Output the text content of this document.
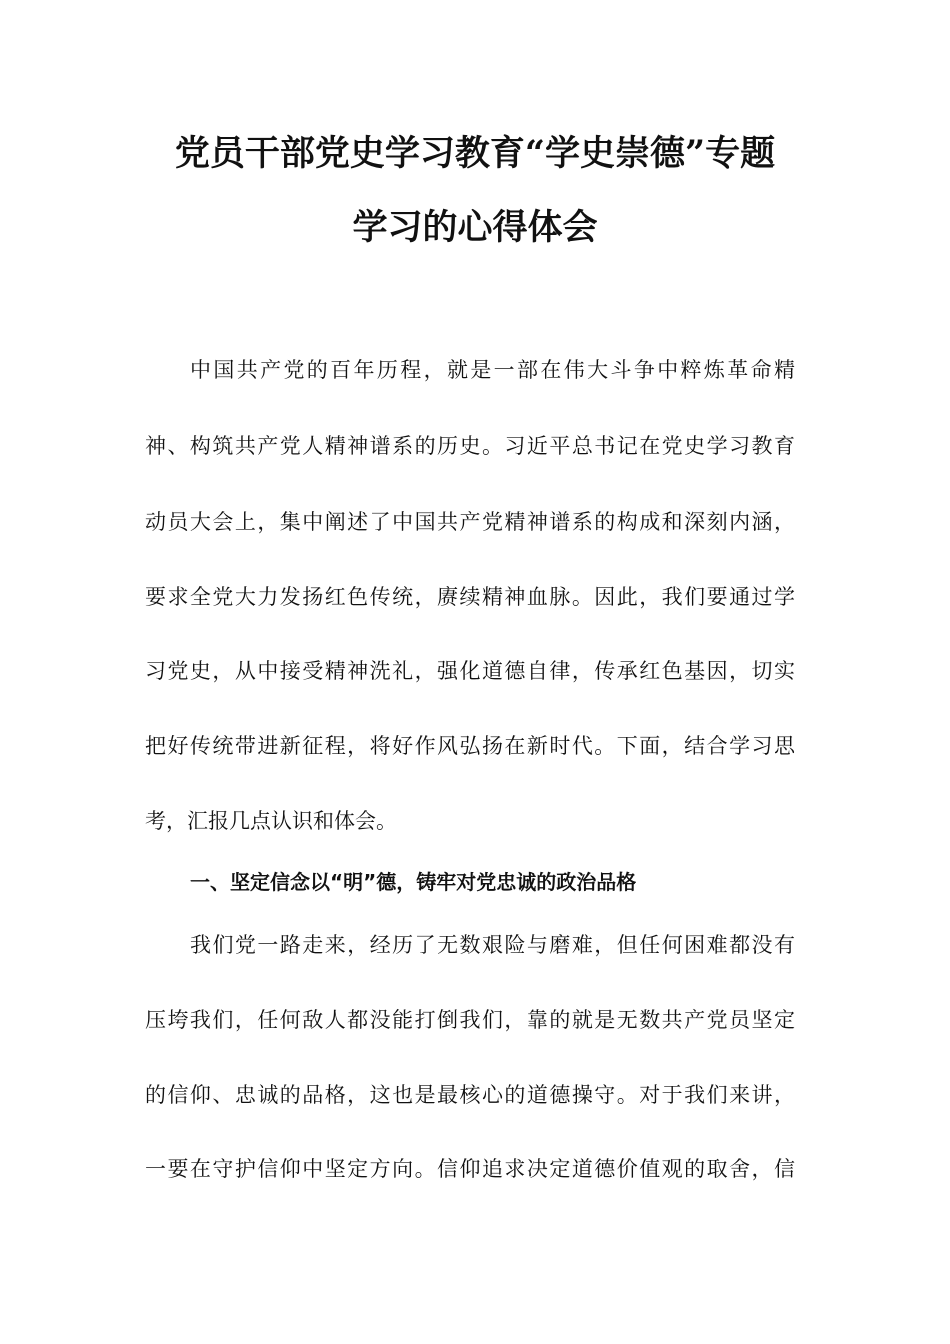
党员干部党史学习教育“学史崇德”专题
学习的心得体会

中国共产党的百年历程，就是一部在伟大斗争中粹炼革命精

神、构筑共产党人精神谱系的历史。习近平总书记在党史学习教育

动员大会上，集中阐述了中国共产党精神谱系的构成和深刻内涵，

要求全党大力发扬红色传统，赓续精神血脉。因此，我们要通过学

习党史，从中接受精神洗礼，强化道德自律，传承红色基因，切实

把好传统带进新征程，将好作风弘扬在新时代。下面，结合学习思

考，汇报几点认识和体会。

一、坚定信念以“明”德，铸牢对党忠诚的政治品格

我们党一路走来，经历了无数艰险与磨难，但任何困难都没有

压垮我们，任何敌人都没能打倒我们，靠的就是无数共产党员坚定

的信仰、忠诚的品格，这也是最核心的道德操守。对于我们来讲，

一要在守护信仰中坚定方向。信仰追求决定道德价值观的取舍，信
